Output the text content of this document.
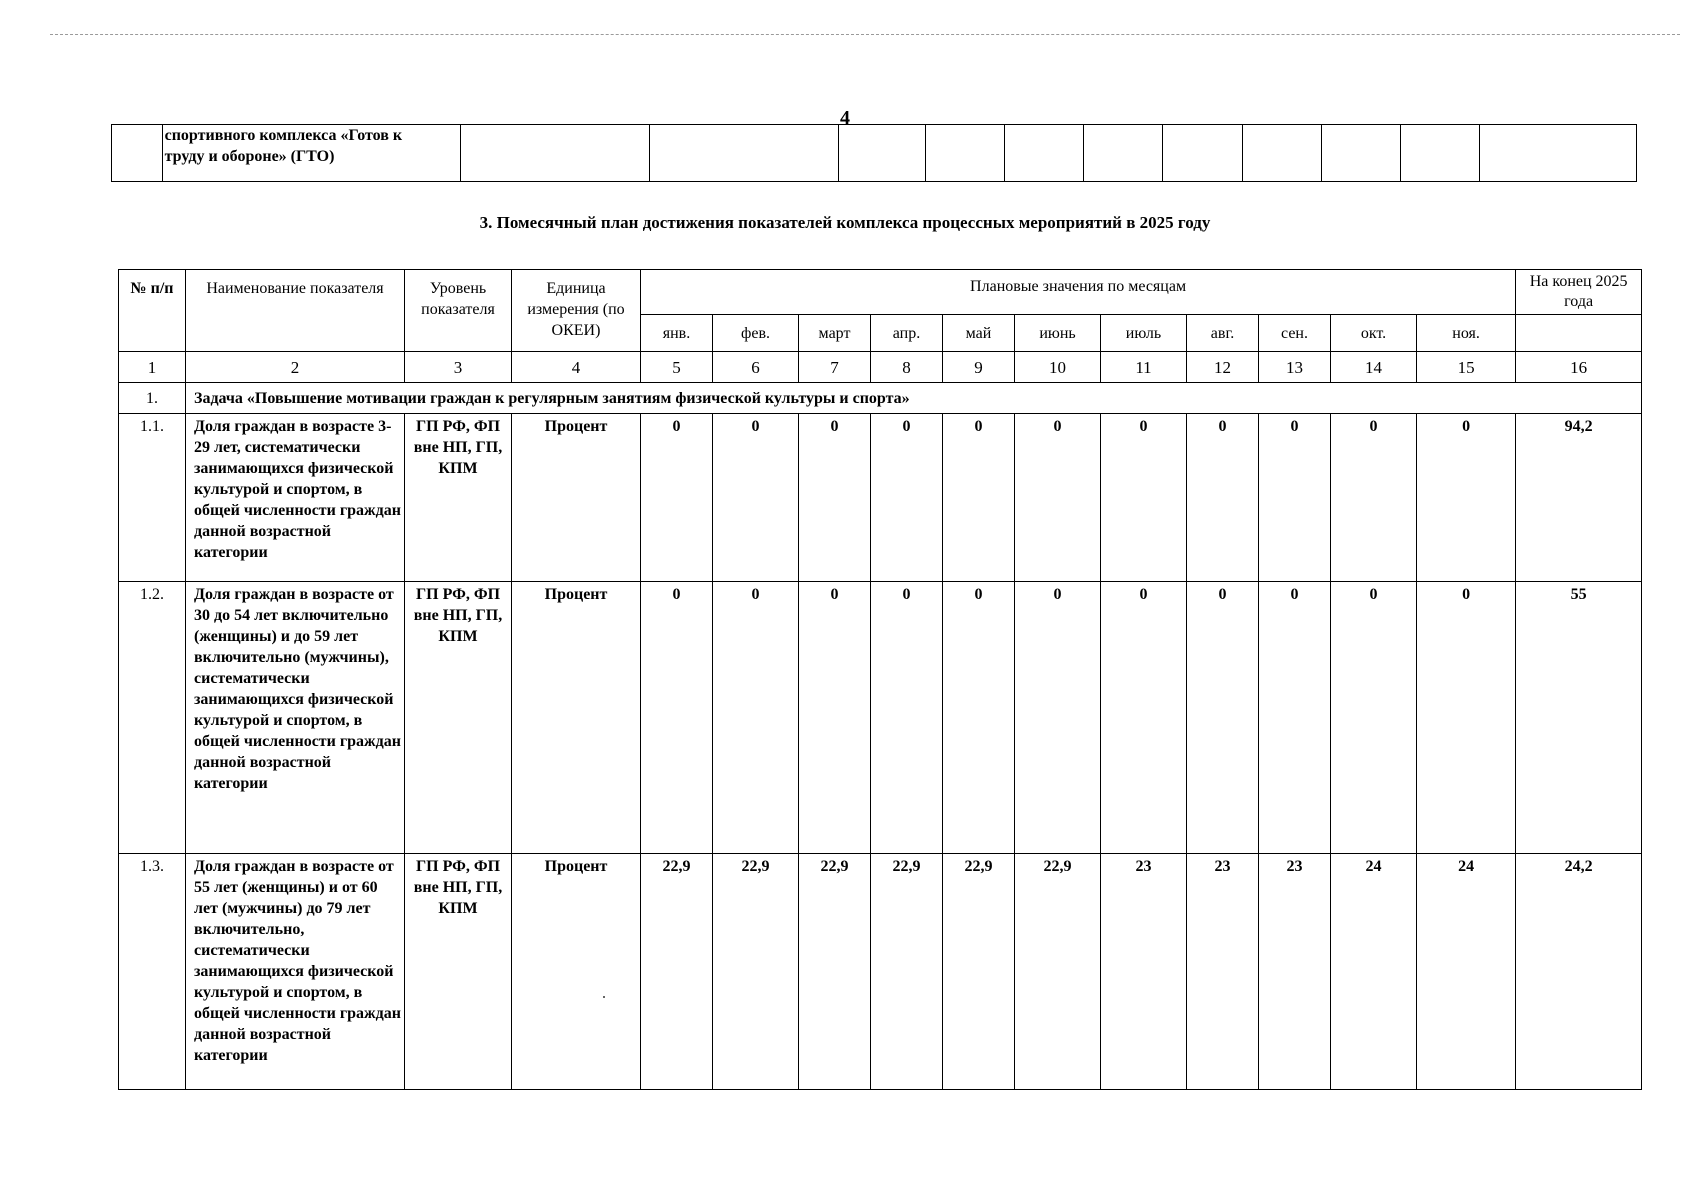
4

спортивного комплекса «Готов к
труду и обороне» (ГТО)

3. Помесячный план достижения показателей комплекса процессных мероприятий в 2025 году
№ п/п	Наименование показателя	Уровень показателя	Единица измерения (по ОКЕИ)	Плановые значения по месяцам											На конец 2025 года
				янв.	фев.	март	апр.	май	июнь	июль	авг.	сен.	окт.	ноя.	
1	2	3	4	5	6	7	8	9	10	11	12	13	14	15	16
1.	Задача «Повышение мотивации граждан к регулярным занятиям физической культуры и спорта»														
1.1.	Доля граждан в возрасте 3-29 лет, систематически занимающихся физической культурой и спортом, в общей численности граждан данной возрастной категории	ГП РФ, ФП вне НП, ГП, КПМ	Процент	0	0	0	0	0	0	0	0	0	0	0	94,2
1.2.	Доля граждан в возрасте от 30 до 54 лет включительно (женщины) и до 59 лет включительно (мужчины), систематически занимающихся физической культурой и спортом, в общей численности граждан данной возрастной категории	ГП РФ, ФП вне НП, ГП, КПМ	Процент	0	0	0	0	0	0	0	0	0	0	0	55
1.3.	Доля граждан в возрасте от 55 лет (женщины) и от 60 лет (мужчины) до 79 лет включительно, систематически занимающихся физической культурой и спортом, в общей численности граждан данной возрастной категории	ГП РФ, ФП вне НП, ГП, КПМ	Процент	22,9	22,9	22,9	22,9	22,9	22,9	23	23	23	24	24	24,2
